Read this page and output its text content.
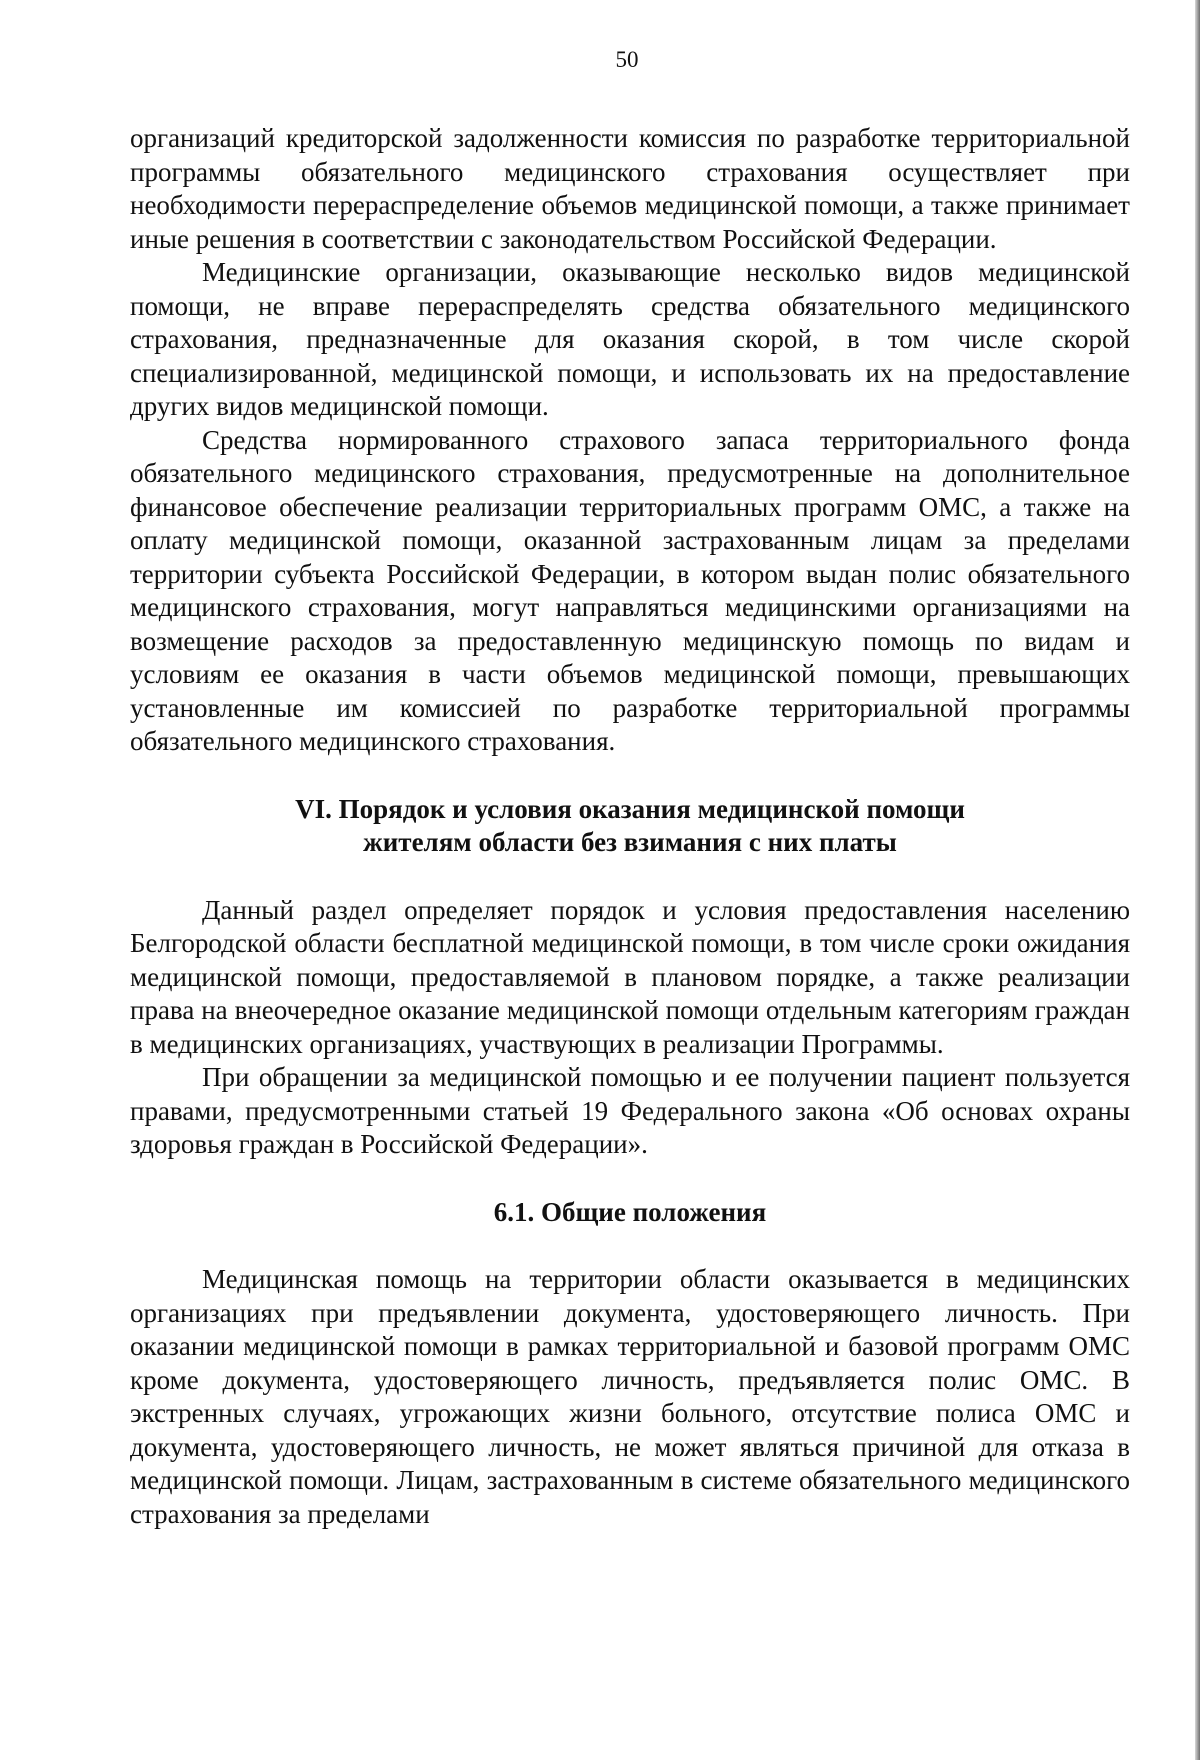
50

организаций кредиторской задолженности комиссия по разработке территориальной программы обязательного медицинского страхования осуществляет при необходимости перераспределение объемов медицинской помощи, а также принимает иные решения в соответствии с законодательством Российской Федерации.

Медицинские организации, оказывающие несколько видов медицинской помощи, не вправе перераспределять средства обязательного медицинского страхования, предназначенные для оказания скорой, в том числе скорой специализированной, медицинской помощи, и использовать их на предоставление других видов медицинской помощи.

Средства нормированного страхового запаса территориального фонда обязательного медицинского страхования, предусмотренные на дополнительное финансовое обеспечение реализации территориальных программ ОМС, а также на оплату медицинской помощи, оказанной застрахованным лицам за пределами территории субъекта Российской Федерации, в котором выдан полис обязательного медицинского страхования, могут направляться медицинскими организациями на возмещение расходов за предоставленную медицинскую помощь по видам и условиям ее оказания в части объемов медицинской помощи, превышающих установленные им комиссией по разработке территориальной программы обязательного медицинского страхования.

VI. Порядок и условия оказания медицинской помощи
жителям области без взимания с них платы

Данный раздел определяет порядок и условия предоставления населению Белгородской области бесплатной медицинской помощи, в том числе сроки ожидания медицинской помощи, предоставляемой в плановом порядке, а также реализации права на внеочередное оказание медицинской помощи отдельным категориям граждан в медицинских организациях, участвующих в реализации Программы.

При обращении за медицинской помощью и ее получении пациент пользуется правами, предусмотренными статьей 19 Федерального закона «Об основах охраны здоровья граждан в Российской Федерации».

6.1. Общие положения

Медицинская помощь на территории области оказывается в медицинских организациях при предъявлении документа, удостоверяющего личность. При оказании медицинской помощи в рамках территориальной и базовой программ ОМС кроме документа, удостоверяющего личность, предъявляется полис ОМС. В экстренных случаях, угрожающих жизни больного, отсутствие полиса ОМС и документа, удостоверяющего личность, не может являться причиной для отказа в медицинской помощи. Лицам, застрахованным в системе обязательного медицинского страхования за пределами
